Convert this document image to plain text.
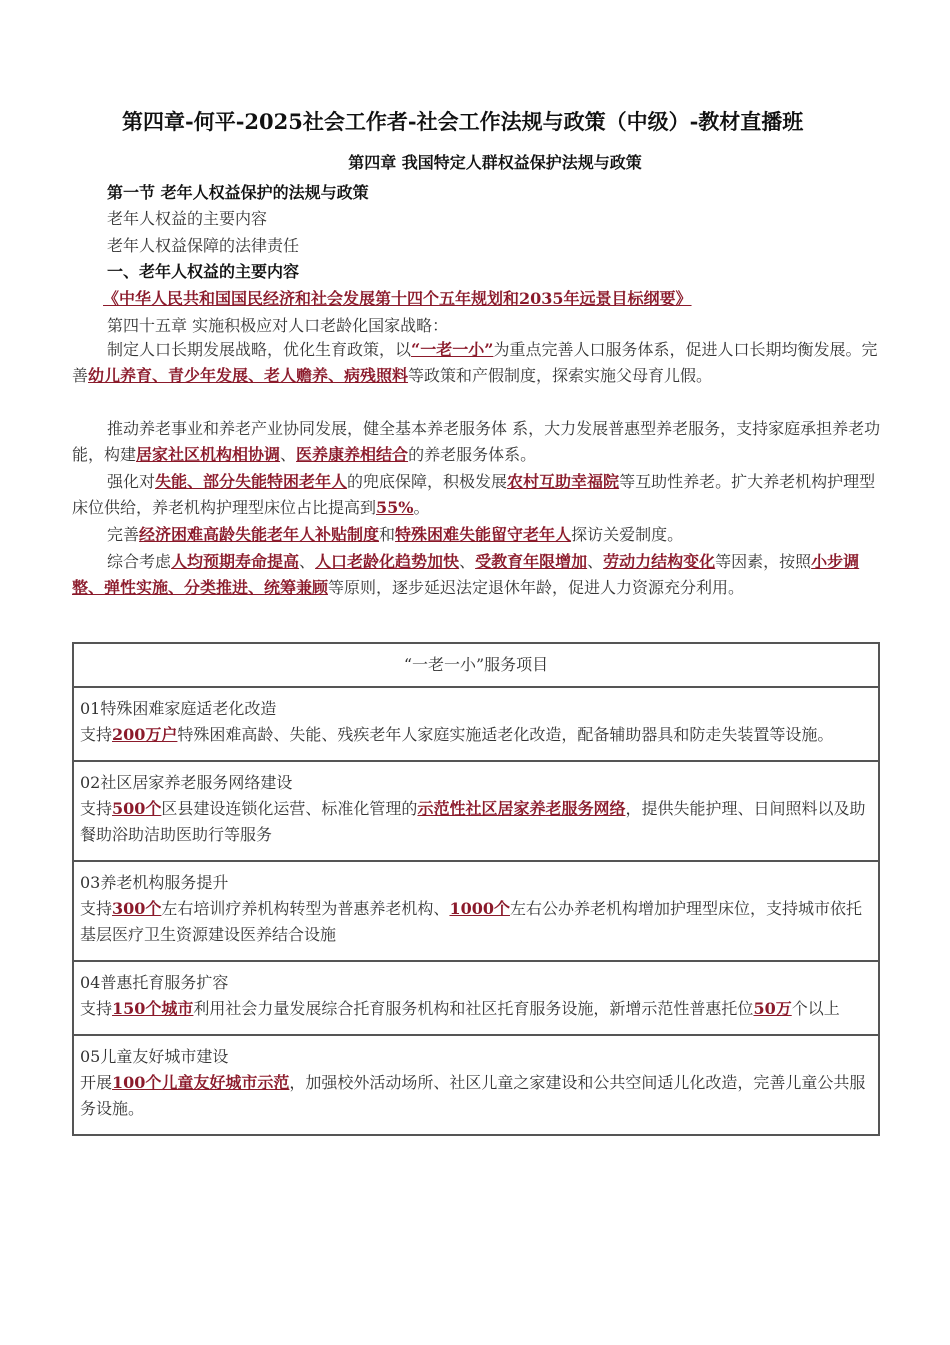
第四章-何平-2025社会工作者-社会工作法规与政策（中级）-教材直播班
第四章 我国特定人群权益保护法规与政策
第一节 老年人权益保护的法规与政策
老年人权益的主要内容
老年人权益保障的法律责任
一、老年人权益的主要内容
《中华人民共和国国民经济和社会发展第十四个五年规划和2035年远景目标纲要》
第四十五章 实施积极应对人口老龄化国家战略：
制定人口长期发展战略，优化生育政策，以“一老一小”为重点完善人口服务体系，促进人口长期均衡发展。完善幼儿养育、青少年发展、老人赡养、病残照料等政策和产假制度，探索实施父母育儿假。
推动养老事业和养老产业协同发展，健全基本养老服务体 系，大力发展普惠型养老服务，支持家庭承担养老功能，构建居家社区机构相协调、医养康养相结合的养老服务体系。
强化对失能、部分失能特困老年人的兜底保障，积极发展农村互助幸福院等互助性养老。扩大养老机构护理型床位供给，养老机构护理型床位占比提高到55%。
完善经济困难高龄失能老年人补贴制度和特殊困难失能留守老年人探访关爱制度。
综合考虑人均预期寿命提高、人口老龄化趋势加快、受教育年限增加、劳动力结构变化等因素，按照小步调整、弹性实施、分类推进、统筹兼顾等原则，逐步延迟法定退休年龄，促进人力资源充分利用。
“一老一小”服务项目
01特殊困难家庭适老化改造
支持200万户特殊困难高龄、失能、残疾老年人家庭实施适老化改造，配备辅助器具和防走失装置等设施。
02社区居家养老服务网络建设
支持500个区县建设连锁化运营、标准化管理的示范性社区居家养老服务网络，提供失能护理、日间照料以及助餐助浴助洁助医助行等服务
03养老机构服务提升
支持300个左右培训疗养机构转型为普惠养老机构、1000个左右公办养老机构增加护理型床位，支持城市依托基层医疗卫生资源建设医养结合设施
04普惠托育服务扩容
支持150个城市利用社会力量发展综合托育服务机构和社区托育服务设施，新增示范性普惠托位50万个以上
05儿童友好城市建设
开展100个儿童友好城市示范，加强校外活动场所、社区儿童之家建设和公共空间适儿化改造，完善儿童公共服务设施。
